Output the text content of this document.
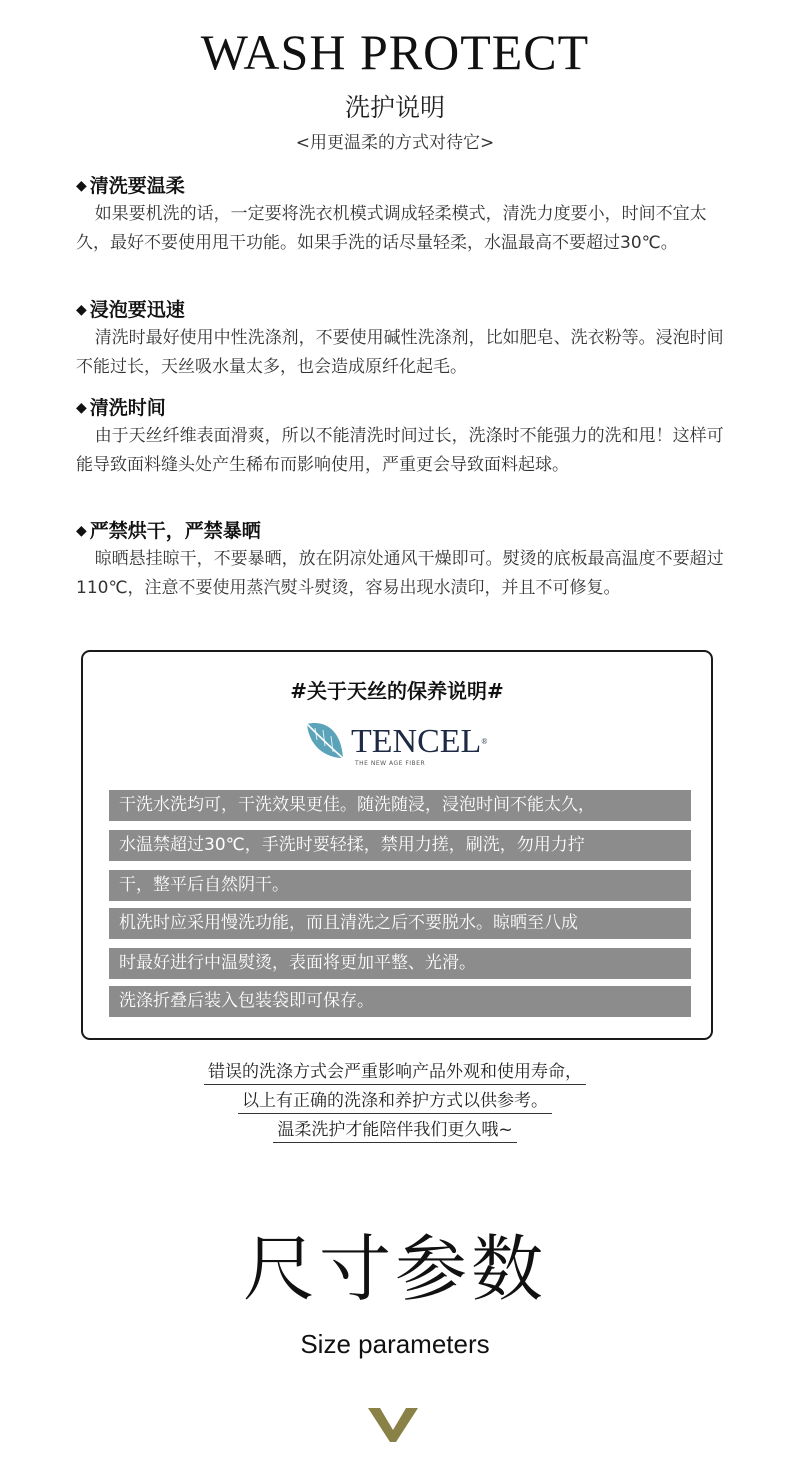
WASH PROTECT
洗护说明
<用更温柔的方式对待它>
◆ 清洗要温柔

如果要机洗的话，一定要将洗衣机模式调成轻柔模式，清洗力度要小，时间不宜太久，最好不要使用甩干功能。如果手洗的话尽量轻柔，水温最高不要超过30℃。

◆ 浸泡要迅速

清洗时最好使用中性洗涤剂，不要使用碱性洗涤剂，比如肥皂、洗衣粉等。浸泡时间不能过长，天丝吸水量太多，也会造成原纤化起毛。

◆ 清洗时间

由于天丝纤维表面滑爽，所以不能清洗时间过长，洗涤时不能强力的洗和甩！这样可能导致面料缝头处产生稀布而影响使用，严重更会导致面料起球。

◆ 严禁烘干，严禁暴晒

晾晒悬挂晾干，不要暴晒，放在阴凉处通风干燥即可。熨烫的底板最高温度不要超过110℃，注意不要使用蒸汽熨斗熨烫，容易出现水渍印，并且不可修复。

#关于天丝的保养说明#
TENCEL®
THE NEW AGE FIBER
干洗水洗均可，干洗效果更佳。随洗随浸，浸泡时间不能太久，
水温禁超过30℃，手洗时要轻揉，禁用力搓，刷洗，勿用力拧
干，整平后自然阴干。
机洗时应采用慢洗功能，而且清洗之后不要脱水。晾晒至八成
时最好进行中温熨烫，表面将更加平整、光滑。
洗涤折叠后装入包装袋即可保存。
错误的洗涤方式会严重影响产品外观和使用寿命，
以上有正确的洗涤和养护方式以供参考。
温柔洗护才能陪伴我们更久哦~
尺寸参数
Size parameters
